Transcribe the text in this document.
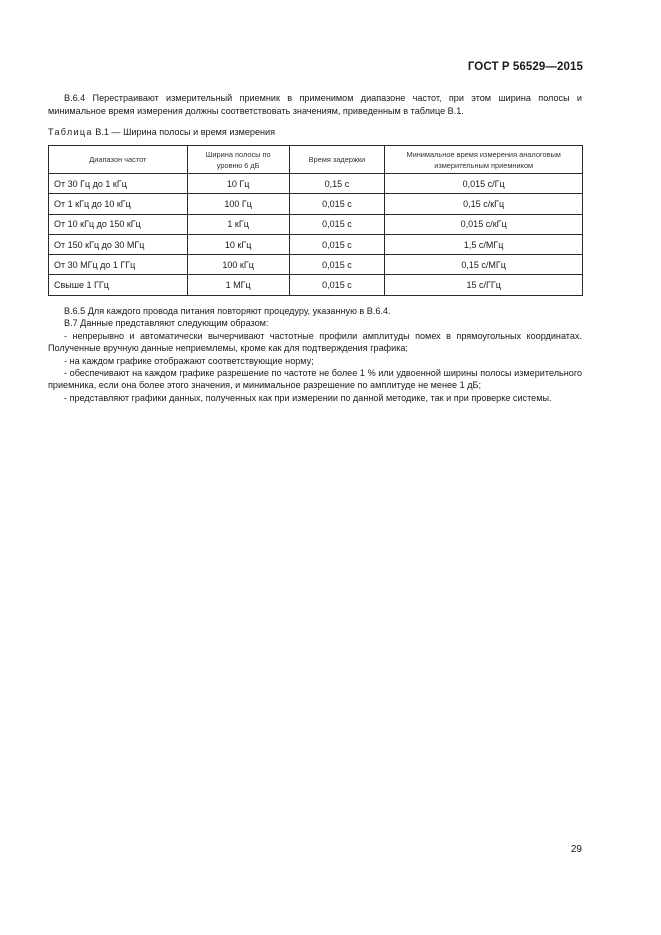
ГОСТ Р 56529—2015

В.6.4 Перестраивают измерительный приемник в применимом диапазоне частот, при этом ширина полосы и минимальное время измерения должны соответствовать значениям, приведенным в таблице В.1.

Таблица В.1 — Ширина полосы и время измерения
Диапазон частот	Ширина полосы по уровню 6 дБ	Время задержки	Минимальное время измерения аналоговым измерительным приемником
От 30 Гц до 1 кГц	10 Гц	0,15 с	0,015 с/Гц
От 1 кГц до 10 кГц	100 Гц	0,015 с	0,15 с/кГц
От 10 кГц до 150 кГц	1 кГц	0,015 с	0,015 с/кГц
От 150 кГц до 30 МГц	10 кГц	0,015 с	1,5 с/МГц
От 30 МГц до 1 ГГц	100 кГц	0,015 с	0,15 с/МГц
Свыше 1 ГГц	1 МГц	0,015 с	15 с/ГГц

В.6.5 Для каждого провода питания повторяют процедуру, указанную в В.6.4.

В.7 Данные представляют следующим образом:

- непрерывно и автоматически вычерчивают частотные профили амплитуды помех в прямоугольных координатах. Полученные вручную данные неприемлемы, кроме как для подтверждения графика;

- на каждом графике отображают соответствующие норму;

- обеспечивают на каждом графике разрешение по частоте не более 1 % или удвоенной ширины полосы измерительного приемника, если она более этого значения, и минимальное разрешение по амплитуде не менее 1 дБ;

- представляют графики данных, полученных как при измерении по данной методике, так и при проверке системы.

29
